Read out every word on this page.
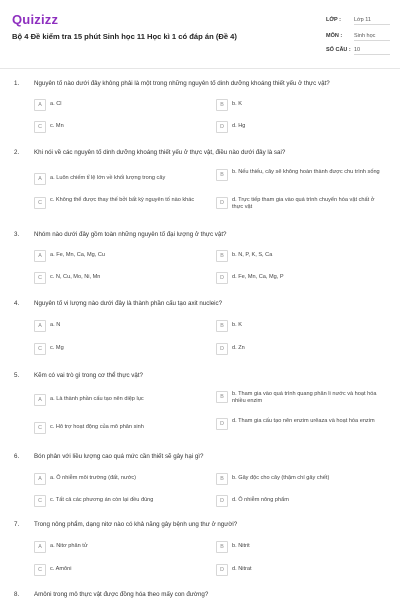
Quizizz
Bộ 4 Đề kiểm tra 15 phút Sinh học 11 Học kì 1 có đáp án (Đề 4)
LỚP : Lớp 11
MÔN : Sinh học
SỐ CÂU : 10
1. Nguyên tố nào dưới đây không phải là một trong những nguyên tố dinh dưỡng khoáng thiết yếu ở thực vật?
A	a. Cl	B	b. K
C	c. Mn	D	d. Hg
2. Khi nói về các nguyên tố dinh dưỡng khoáng thiết yếu ở thực vật, điều nào dưới đây là sai?
A	a. Luôn chiếm tỉ lệ lớn về khối lượng trong cây	B	b. Nếu thiếu, cây sẽ không hoàn thành được chu trình sống
C	c. Không thể được thay thế bởi bất kỳ nguyên tố nào khác	D	d. Trực tiếp tham gia vào quá trình chuyển hóa vật chất ở thực vật
3. Nhóm nào dưới đây gồm toàn những nguyên tố đại lượng ở thực vật?
A	a. Fe, Mn, Ca, Mg, Cu	B	b. N, P, K, S, Ca
C	c. N, Cu, Mo, Ni, Mn	D	d. Fe, Mn, Ca, Mg, P
4. Nguyên tố vi lượng nào dưới đây là thành phần cấu tạo axit nucleic?
A	a. N	B	b. K
C	c. Mg	D	d. Zn
5. Kẽm có vai trò gì trong cơ thể thực vật?
A	a. Là thành phần cấu tạo nên diệp lục	B	b. Tham gia vào quá trình quang phân li nước và hoạt hóa nhiều enzim
C	c. Hô trợ hoạt động của mô phân sinh	D	d. Tham gia cấu tạo nên enzim urêaza và hoạt hóa enzim
6. Bón phân với liều lượng cao quá mức cần thiết sẽ gây hại gì?
A	a. Ô nhiễm môi trường (đất, nước)	B	b. Gây độc cho cây (thậm chí gây chết)
C	c. Tất cả các phương án còn lại đều đúng	D	d. Ô nhiễm nông phẩm
7. Trong nông phẩm, dạng nitơ nào có khả năng gây bệnh ung thư ở người?
A	a. Nitơ phân tử	B	b. Nitrit
C	c. Amôni	D	d. Nitrat
8. Amôni trong mô thực vật được đồng hóa theo mấy con đường?
